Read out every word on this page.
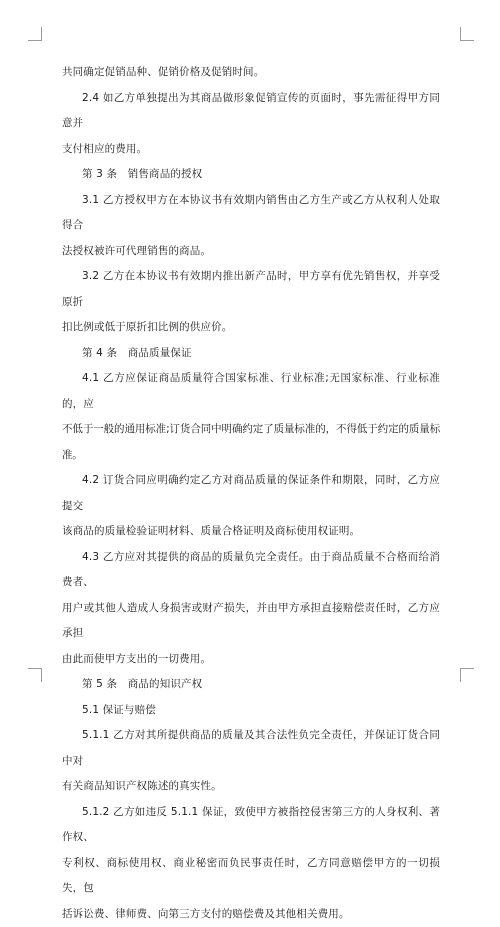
共同确定促销品种、促销价格及促销时间。

2.4 如乙方单独提出为其商品做形象促销宣传的页面时，事先需征得甲方同意并
支付相应的费用。

第 3 条　销售商品的授权

3.1 乙方授权甲方在本协议书有效期内销售由乙方生产或乙方从权利人处取得合
法授权被许可代理销售的商品。

3.2 乙方在本协议书有效期内推出新产品时，甲方享有优先销售权，并享受原折
扣比例或低于原折扣比例的供应价。

第 4 条　商品质量保证

4.1 乙方应保证商品质量符合国家标准、行业标准;无国家标准、行业标准的，应
不低于一般的通用标准;订货合同中明确约定了质量标准的，不得低于约定的质量标准。

4.2 订货合同应明确约定乙方对商品质量的保证条件和期限，同时，乙方应提交
该商品的质量检验证明材料、质量合格证明及商标使用权证明。

4.3 乙方应对其提供的商品的质量负完全责任。由于商品质量不合格而给消费者、
用户或其他人造成人身损害或财产损失，并由甲方承担直接赔偿责任时，乙方应承担
由此而使甲方支出的一切费用。

第 5 条　商品的知识产权

5.1 保证与赔偿

5.1.1 乙方对其所提供商品的质量及其合法性负完全责任，并保证订货合同中对
有关商品知识产权陈述的真实性。

5.1.2 乙方如违反 5.1.1 保证，致使甲方被指控侵害第三方的人身权利、著作权、
专利权、商标使用权、商业秘密而负民事责任时，乙方同意赔偿甲方的一切损失，包
括诉讼费、律师费、向第三方支付的赔偿费及其他相关费用。
